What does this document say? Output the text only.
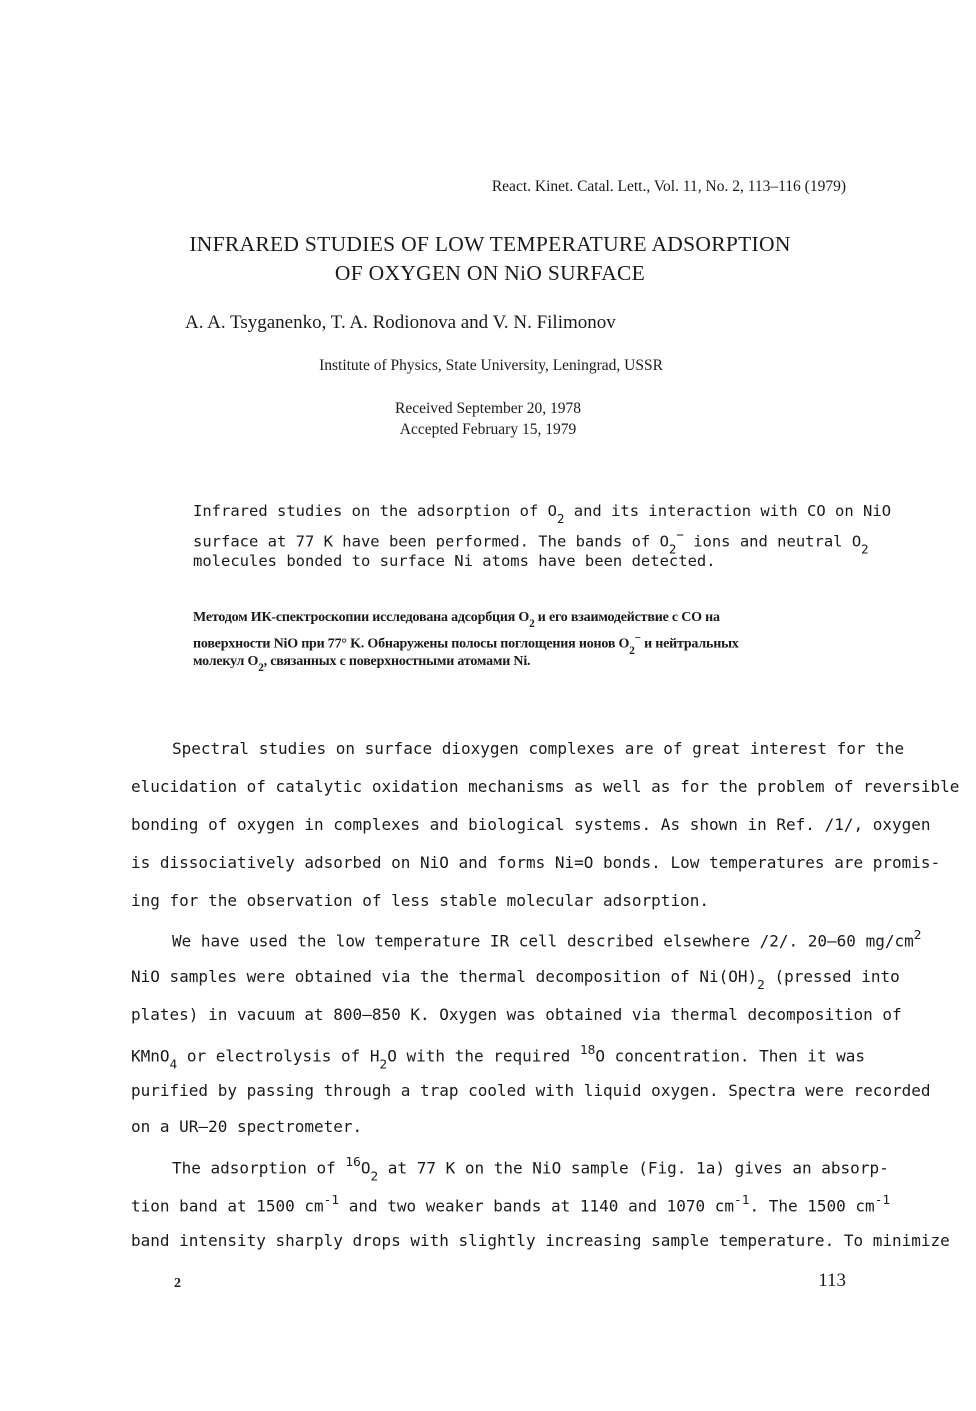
React. Kinet. Catal. Lett., Vol. 11, No. 2, 113–116 (1979)

INFRARED STUDIES OF LOW TEMPERATURE ADSORPTION

OF OXYGEN ON NiO SURFACE

A. A. Tsyganenko, T. A. Rodionova and V. N. Filimonov

Institute of Physics, State University, Leningrad, USSR

Received September 20, 1978

Accepted February 15, 1979

Infrared studies on the adsorption of $O_2$ and its interaction with CO on NiO

surface at 77 K have been performed. The bands of $O_2^-$ ions and neutral $O_2$

molecules bonded to surface Ni atoms have been detected.

Методом ИК-спектроскопии исследована адсорбция $O_2$ и его взаимодействие с CO на

поверхности NiO при 77° K. Обнаружены полосы поглощения ионов $O_2^-$ и нейтральных

молекул $O_2$, связанных с поверхностными атомами Ni.

Spectral studies on surface dioxygen complexes are of great interest for the

elucidation of catalytic oxidation mechanisms as well as for the problem of reversible

bonding of oxygen in complexes and biological systems. As shown in Ref. /1/, oxygen

is dissociatively adsorbed on NiO and forms Ni=O bonds. Low temperatures are promis-

ing for the observation of less stable molecular adsorption.

We have used the low temperature IR cell described elsewhere /2/. 20–60 $mg/cm^2$

NiO samples were obtained via the thermal decomposition of $Ni(OH)_2$ (pressed into

plates) in vacuum at 800–850 K. Oxygen was obtained via thermal decomposition of

KMnO$_4$ or electrolysis of $H_2O$ with the required $^{18}$O concentration. Then it was

purified by passing through a trap cooled with liquid oxygen. Spectra were recorded

on a UR–20 spectrometer.

The adsorption of $^{16}O_2$ at 77 K on the NiO sample (Fig. 1a) gives an absorp-

tion band at 1500 $cm^{-1}$ and two weaker bands at 1140 and 1070 $cm^{-1}$. The 1500 $cm^{-1}$

band intensity sharply drops with slightly increasing sample temperature. To minimize

2	113
